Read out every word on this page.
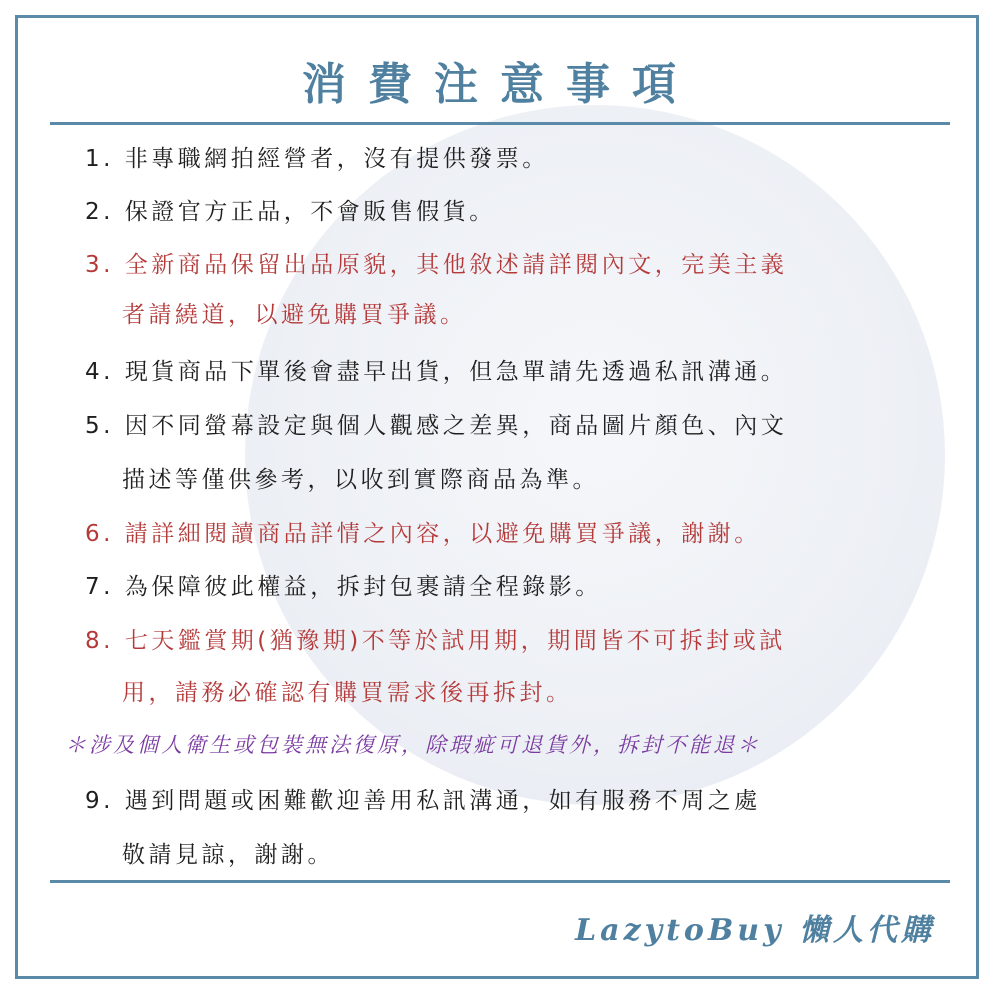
消費注意事項
1. 非專職網拍經營者，沒有提供發票。
2. 保證官方正品，不會販售假貨。
3. 全新商品保留出品原貌，其他敘述請詳閱內文，完美主義
者請繞道，以避免購買爭議。
4. 現貨商品下單後會盡早出貨，但急單請先透過私訊溝通。
5. 因不同螢幕設定與個人觀感之差異，商品圖片顏色、內文
描述等僅供參考，以收到實際商品為準。
6. 請詳細閱讀商品詳情之內容，以避免購買爭議，謝謝。
7. 為保障彼此權益，拆封包裹請全程錄影。
8. 七天鑑賞期(猶豫期)不等於試用期，期間皆不可拆封或試
用，請務必確認有購買需求後再拆封。
＊涉及個人衛生或包裝無法復原，除瑕疵可退貨外，拆封不能退＊
9. 遇到問題或困難歡迎善用私訊溝通，如有服務不周之處
敬請見諒，謝謝。
LazytoBuy 懶人代購
